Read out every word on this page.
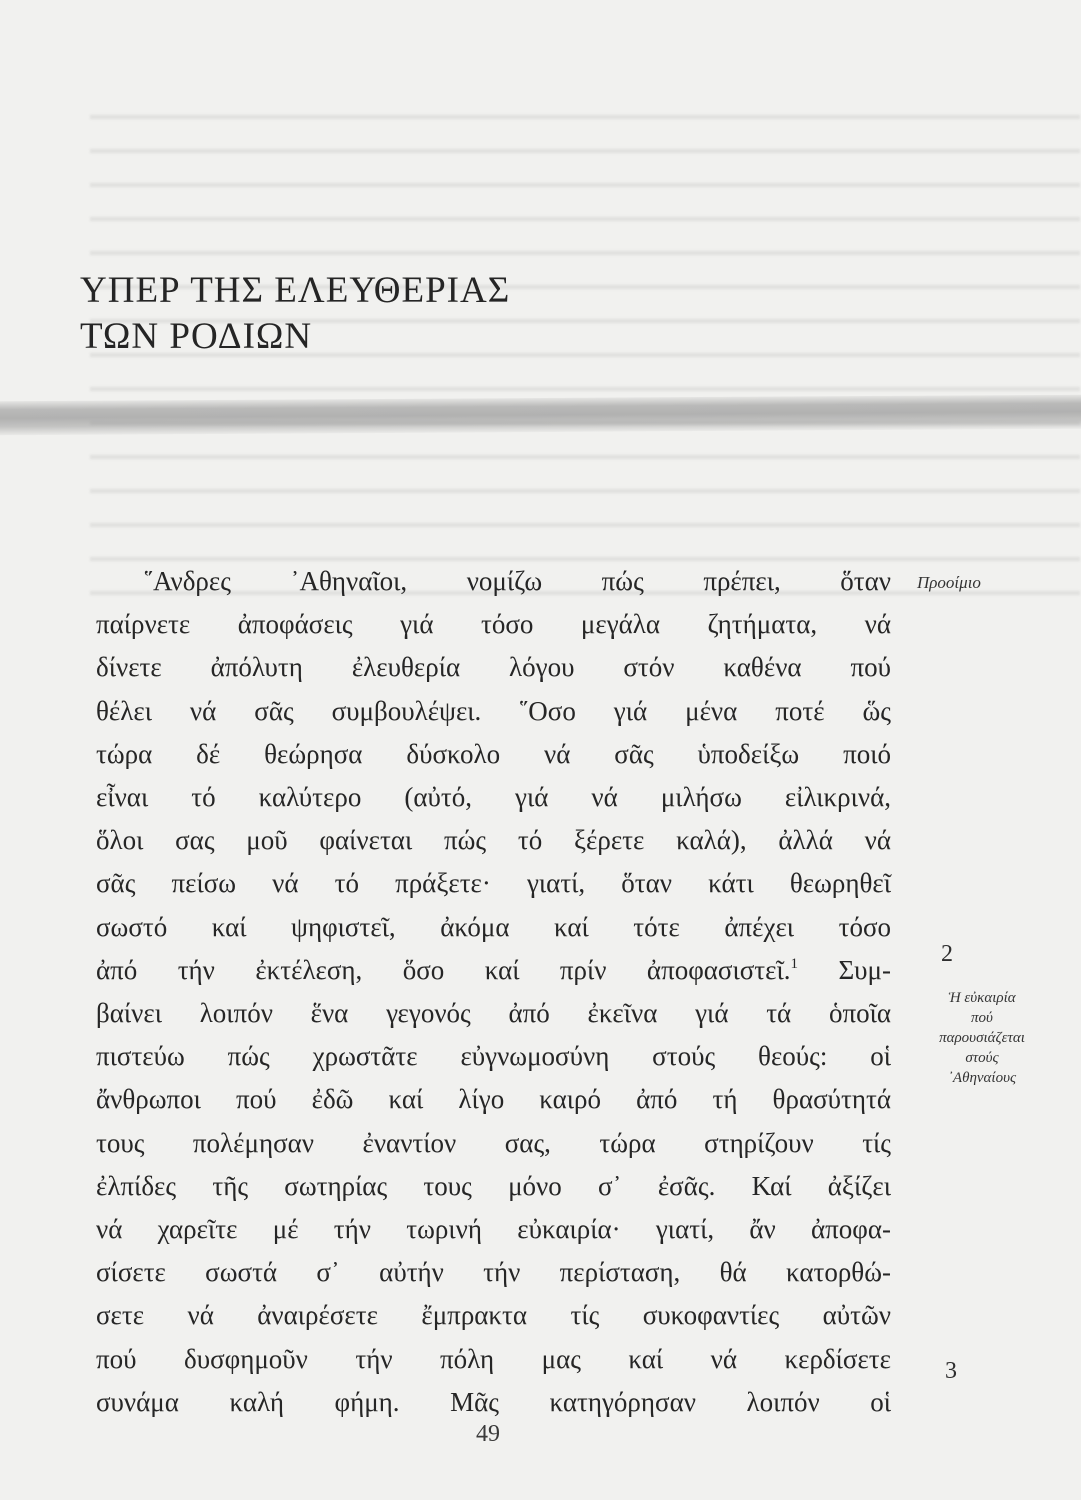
ΥΠΕΡ ΤΗΣ ΕΛΕΥΘΕΡΙΑΣ
ΤΩΝ ΡΟΔΙΩΝ
῞Ανδρες ᾿Αθηναῖοι, νομίζω πώς πρέπει, ὅταν
παίρνετε ἀποφάσεις γιά τόσο μεγάλα ζητήματα, νά
δίνετε ἀπόλυτη ἐλευθερία λόγου στόν καθένα πού
θέλει νά σᾶς συμβουλέψει. ῞Οσο γιά μένα ποτέ ὥς
τώρα δέ θεώρησα δύσκολο νά σᾶς ὑποδείξω ποιό
εἶναι τό καλύτερο (αὐτό, γιά νά μιλήσω εἰλικρινά,
ὅλοι σας μοῦ φαίνεται πώς τό ξέρετε καλά), ἀλλά νά
σᾶς πείσω νά τό πράξετε· γιατί, ὅταν κάτι θεωρηθεῖ
σωστό καί ψηφιστεῖ, ἀκόμα καί τότε ἀπέχει τόσο
ἀπό τήν ἐκτέλεση, ὅσο καί πρίν ἀποφασιστεῖ.$^1$ Συμ-
βαίνει λοιπόν ἕνα γεγονός ἀπό ἐκεῖνα γιά τά ὁποῖα
πιστεύω πώς χρωστᾶτε εὐγνωμοσύνη στούς θεούς: οἱ
ἄνθρωποι πού ἐδῶ καί λίγο καιρό ἀπό τή θρασύτητά
τους πολέμησαν ἐναντίον σας, τώρα στηρίζουν τίς
ἐλπίδες τῆς σωτηρίας τους μόνο σ᾿ ἐσᾶς. Καί ἀξίζει
νά χαρεῖτε μέ τήν τωρινή εὐκαιρία· γιατί, ἄν ἀποφα-
σίσετε σωστά σ᾿ αὐτήν τήν περίσταση, θά κατορθώ-
σετε νά ἀναιρέσετε ἔμπρακτα τίς συκοφαντίες αὐτῶν
πού δυσφημοῦν τήν πόλη μας καί νά κερδίσετε
συνάμα καλή φήμη. Μᾶς κατηγόρησαν λοιπόν οἱ
Προοίμιο
2
Ἡ εὐκαιρία
πού
παρουσιάζεται
στούς
᾿Αθηναίους
3
49
